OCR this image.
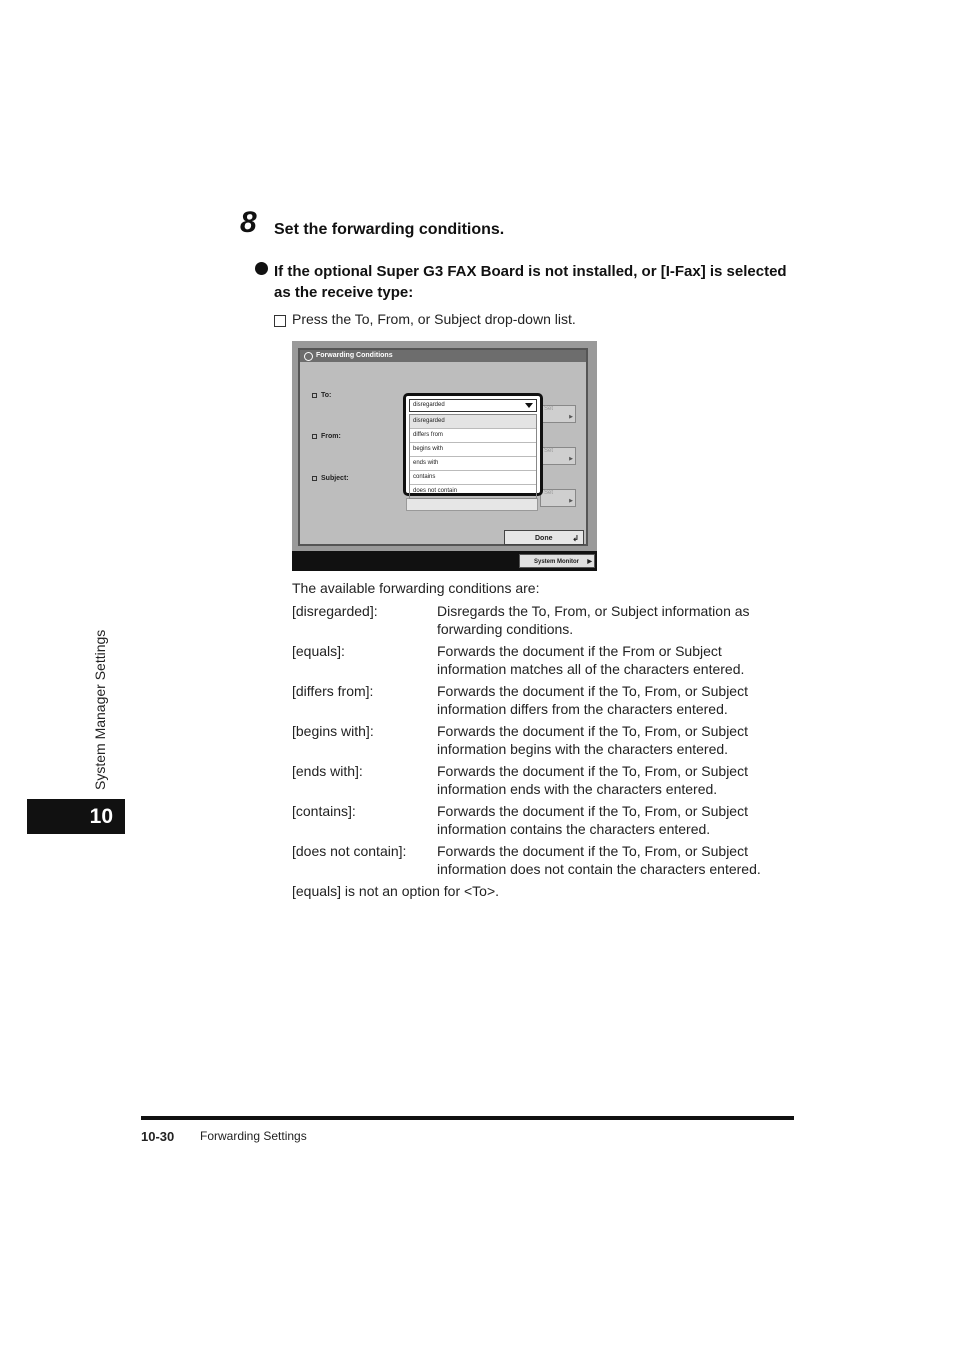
8 Set the forwarding conditions.
If the optional Super G3 FAX Board is not installed, or [I-Fax] is selected as the receive type:
Press the To, From, or Subject drop-down list.
Forwarding Conditions
To:
From:
Subject:
Set
▶
Set
▶
Set
▶
disregarded
disregarded
differs from
begins with
ends with
contains
does not contain
Done ↲
System Monitor ▶
The available forwarding conditions are:
[disregarded]:	Disregards the To, From, or Subject information as forwarding conditions.
[equals]:	Forwards the document if the From or Subject information matches all of the characters entered.
[differs from]:	Forwards the document if the To, From, or Subject information differs from the characters entered.
[begins with]:	Forwards the document if the To, From, or Subject information begins with the characters entered.
[ends with]:	Forwards the document if the To, From, or Subject information ends with the characters entered.
[contains]:	Forwards the document if the To, From, or Subject information contains the characters entered.
[does not contain]:	Forwards the document if the To, From, or Subject information does not contain the characters entered.
[equals] is not an option for <To>.
System Manager Settings
10
10-30 Forwarding Settings
